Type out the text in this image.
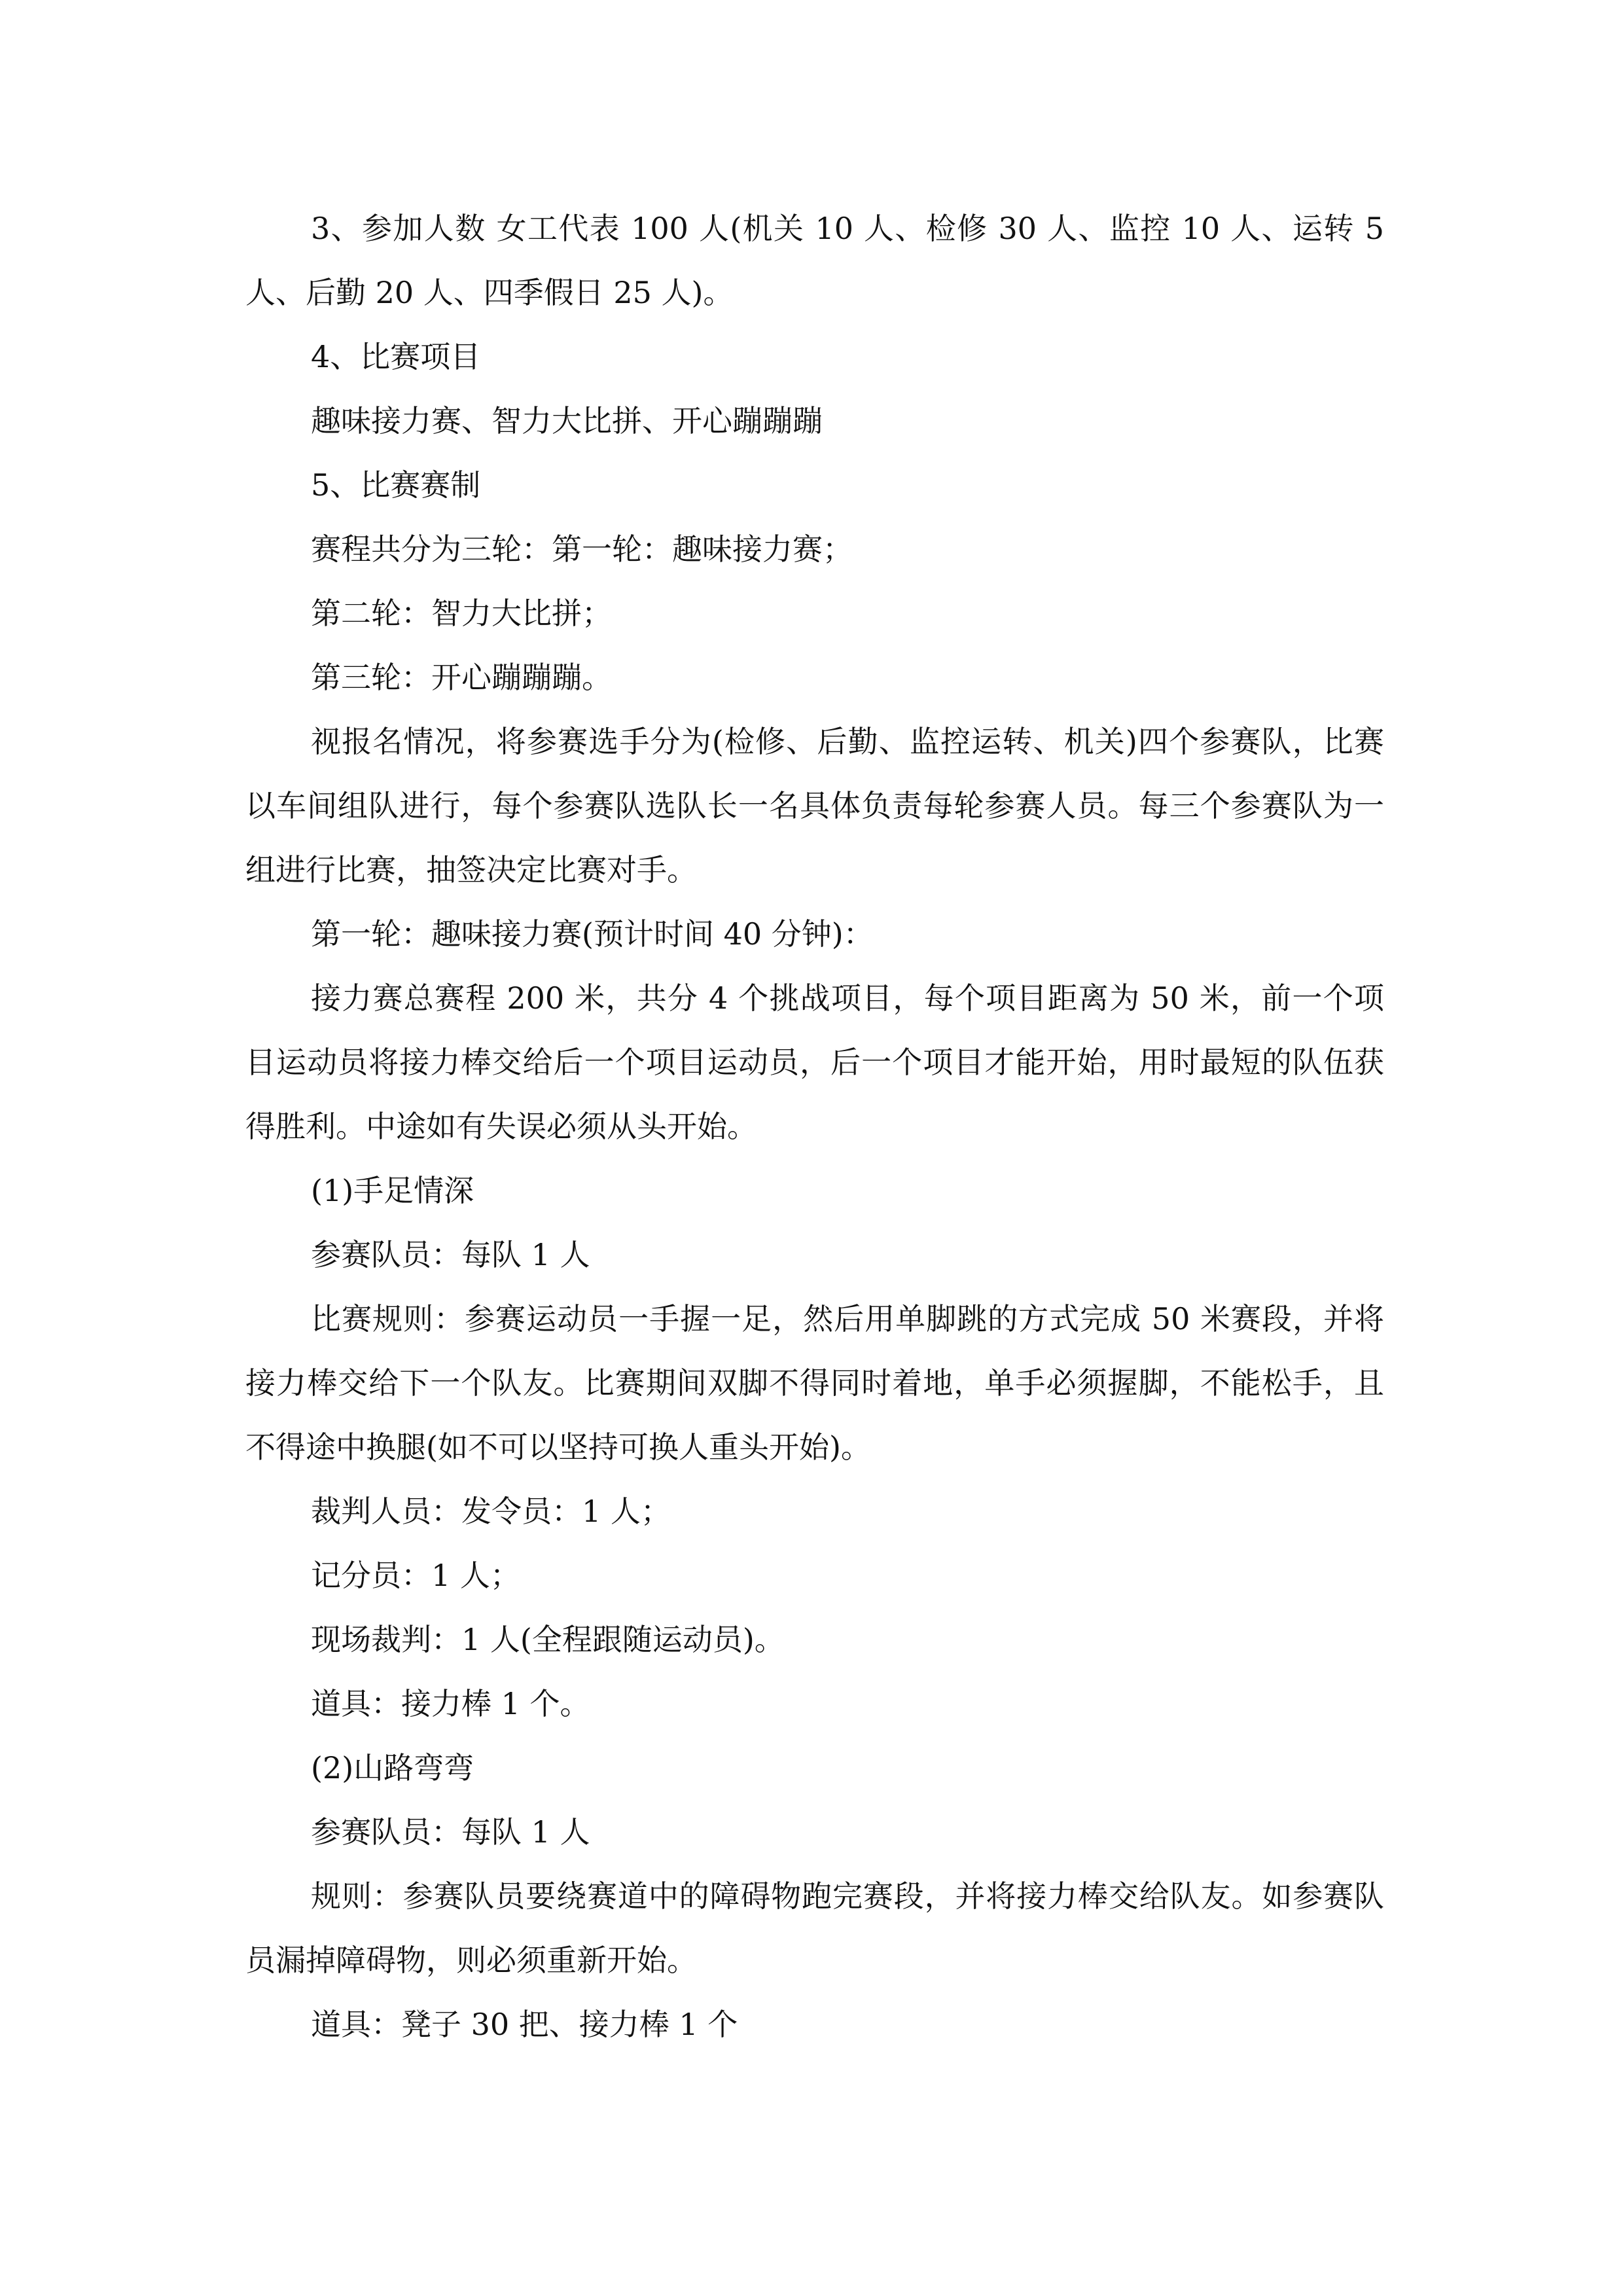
3、参加人数 女工代表 100 人(机关 10 人、检修 30 人、监控 10 人、运转 5 人、后勤 20 人、四季假日 25 人)。

4、比赛项目

趣味接力赛、智力大比拼、开心蹦蹦蹦

5、比赛赛制

赛程共分为三轮：第一轮：趣味接力赛；

第二轮：智力大比拼；

第三轮：开心蹦蹦蹦。

视报名情况，将参赛选手分为(检修、后勤、监控运转、机关)四个参赛队，比赛以车间组队进行，每个参赛队选队长一名具体负责每轮参赛人员。每三个参赛队为一组进行比赛，抽签决定比赛对手。

第一轮：趣味接力赛(预计时间 40 分钟)：

接力赛总赛程 200 米，共分 4 个挑战项目，每个项目距离为 50 米，前一个项目运动员将接力棒交给后一个项目运动员，后一个项目才能开始，用时最短的队伍获得胜利。中途如有失误必须从头开始。

(1)手足情深

参赛队员：每队 1 人

比赛规则：参赛运动员一手握一足，然后用单脚跳的方式完成 50 米赛段，并将接力棒交给下一个队友。比赛期间双脚不得同时着地，单手必须握脚，不能松手，且不得途中换腿(如不可以坚持可换人重头开始)。

裁判人员：发令员：1 人；

记分员：1 人；

现场裁判：1 人(全程跟随运动员)。

道具：接力棒 1 个。

(2)山路弯弯

参赛队员：每队 1 人

规则：参赛队员要绕赛道中的障碍物跑完赛段，并将接力棒交给队友。如参赛队员漏掉障碍物，则必须重新开始。

道具：凳子 30 把、接力棒 1 个
